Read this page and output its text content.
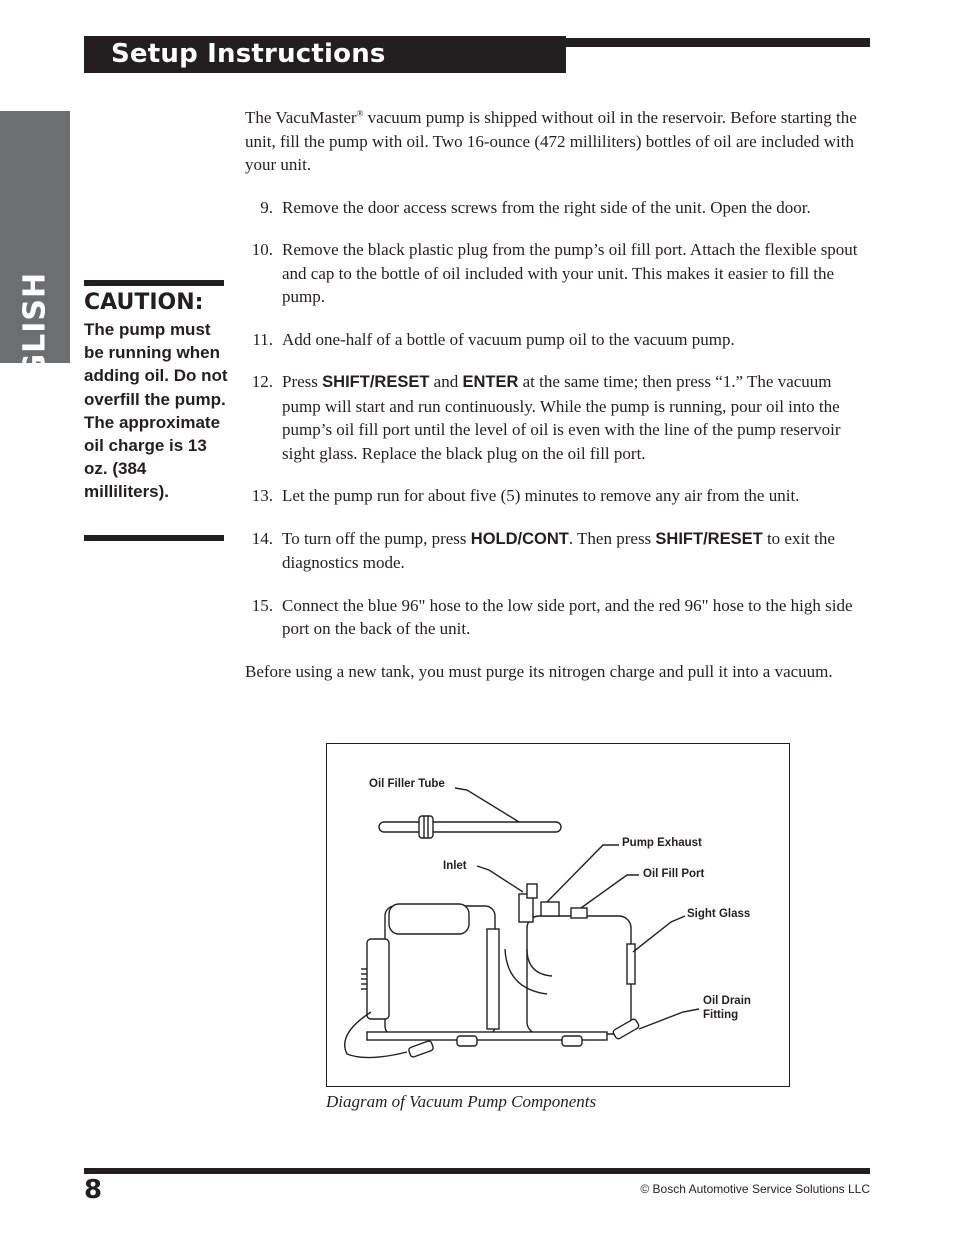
Setup Instructions
ENGLISH CAUTION:
The pump must be running when adding oil. Do not overfill the pump. The approximate oil charge is 13 oz. (384 milliliters).

The VacuMaster® vacuum pump is shipped without oil in the reservoir. Before starting the unit, fill the pump with oil. Two 16-ounce (472 milliliters) bottles of oil are included with your unit.

9. Remove the door access screws from the right side of the unit. Open the door.
10. Remove the black plastic plug from the pump’s oil fill port. Attach the flexible spout and cap to the bottle of oil included with your unit. This makes it easier to fill the pump.
11. Add one-half of a bottle of vacuum pump oil to the vacuum pump.
12. Press SHIFT/RESET and ENTER at the same time; then press “1.” The vacuum pump will start and run continuously. While the pump is running, pour oil into the pump’s oil fill port until the level of oil is even with the line of the pump reservoir sight glass. Replace the black plug on the oil fill port.
13. Let the pump run for about five (5) minutes to remove any air from the unit.
14. To turn off the pump, press HOLD/CONT. Then press SHIFT/RESET to exit the diagnostics mode.
15. Connect the blue 96" hose to the low side port, and the red 96" hose to the high side port on the back of the unit.

Before using a new tank, you must purge its nitrogen charge and pull it into a vacuum.

Oil Filler Tube
Pump Exhaust
Inlet
Oil Fill Port
Sight Glass
Oil Drain
Fitting
Diagram of Vacuum Pump Components
8	© Bosch Automotive Service Solutions LLC
